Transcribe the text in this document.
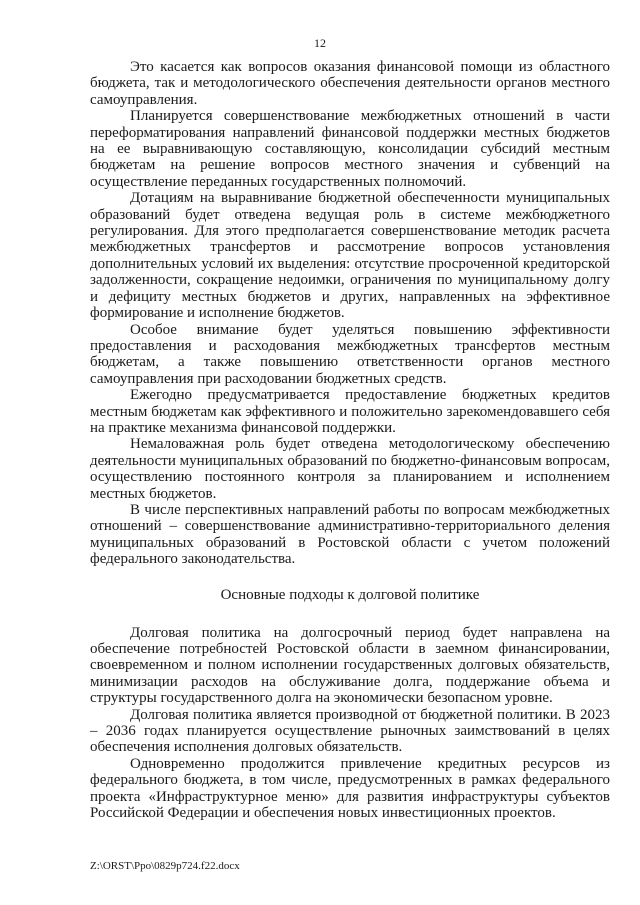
12

Это касается как вопросов оказания финансовой помощи из областного бюджета, так и методологического обеспечения деятельности органов местного самоуправления.

Планируется совершенствование межбюджетных отношений в части переформатирования направлений финансовой поддержки местных бюджетов на ее выравнивающую составляющую, консолидации субсидий местным бюджетам на решение вопросов местного значения и субвенций на осуществление переданных государственных полномочий.

Дотациям на выравнивание бюджетной обеспеченности муниципальных образований будет отведена ведущая роль в системе межбюджетного регулирования. Для этого предполагается совершенствование методик расчета межбюджетных трансфертов и рассмотрение вопросов установления дополнительных условий их выделения: отсутствие просроченной кредиторской задолженности, сокращение недоимки, ограничения по муниципальному долгу и дефициту местных бюджетов и других, направленных на эффективное формирование и исполнение бюджетов.

Особое внимание будет уделяться повышению эффективности предоставления и расходования межбюджетных трансфертов местным бюджетам, а также повышению ответственности органов местного самоуправления при расходовании бюджетных средств.

Ежегодно предусматривается предоставление бюджетных кредитов местным бюджетам как эффективного и положительно зарекомендовавшего себя на практике механизма финансовой поддержки.

Немаловажная роль будет отведена методологическому обеспечению деятельности муниципальных образований по бюджетно-финансовым вопросам, осуществлению постоянного контроля за планированием и исполнением местных бюджетов.

В числе перспективных направлений работы по вопросам межбюджетных отношений – совершенствование административно-территориального деления муниципальных образований в Ростовской области с учетом положений федерального законодательства.

Основные подходы к долговой политике

Долговая политика на долгосрочный период будет направлена на обеспечение потребностей Ростовской области в заемном финансировании, своевременном и полном исполнении государственных долговых обязательств, минимизации расходов на обслуживание долга, поддержание объема и структуры государственного долга на экономически безопасном уровне.

Долговая политика является производной от бюджетной политики. В 2023 – 2036 годах планируется осуществление рыночных заимствований в целях обеспечения исполнения долговых обязательств.

Одновременно продолжится привлечение кредитных ресурсов из федерального бюджета, в том числе, предусмотренных в рамках федерального проекта «Инфраструктурное меню» для развития инфраструктуры субъектов Российской Федерации и обеспечения новых инвестиционных проектов.

Z:\ORST\Ppo\0829p724.f22.docx
